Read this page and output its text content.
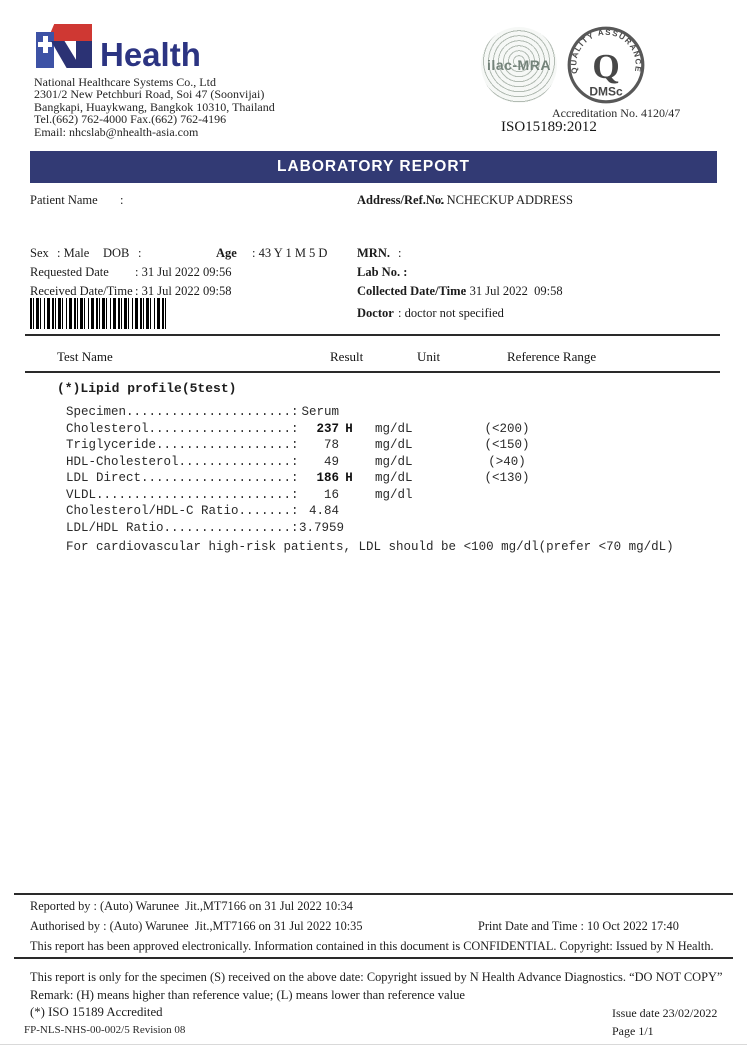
Health
National Healthcare Systems Co., Ltd
2301/2 New Petchburi Road, Soi 47 (Soonvijai)
Bangkapi, Huaykwang, Bangkok 10310, Thailand
Tel.(662) 762-4000 Fax.(662) 762-4196
Email: nhcslab@nhealth-asia.com
ilac-MRA QUALITY ASSURANCE
Q
DMSc
Accreditation No. 4120/47
ISO15189:2012
LABORATORY REPORT
Patient Name :	Address/Ref.No.
: NCHECKUP ADDRESS
Sex : Male DOB :	Age : 43 Y 1 M 5 D MRN. :
Requested Date : 31 Jul 2022 09:56	Lab No. :
Received Date/Time : 31 Jul 2022 09:58	Collected Date/Time
: 31 Jul 2022  09:58
Doctor : doctor not specified
Test Name	Result	Unit	Reference Range
(*)Lipid profile(5test)
Specimen......................: Serum
Cholesterol...................:	237 H	mg/dL	(<200)
Triglyceride..................:	78	mg/dL	(<150)
HDL-Cholesterol...............:	49	mg/dL	(>40)
LDL Direct....................:	186 H	mg/dL	(<130)
VLDL..........................:	16	mg/dl
Cholesterol/HDL-C Ratio.......: 4.84
LDL/HDL Ratio.................: 3.7959
For cardiovascular high-risk patients, LDL should be <100 mg/dl(prefer <70 mg/dL)
Reported by : (Auto) Warunee  Jit.,MT7166 on 31 Jul 2022 10:34
Authorised by : (Auto) Warunee  Jit.,MT7166 on 31 Jul 2022 10:35	Print Date and Time : 10 Oct 2022 17:40
This report has been approved electronically. Information contained in this document is CONFIDENTIAL. Copyright: Issued by N Health.
This report is only for the specimen (S) received on the above date: Copyright issued by N Health Advance Diagnostics. “DO NOT COPY”
Remark: (H) means higher than reference value; (L) means lower than reference value
(*) ISO 15189 Accredited
FP-NLS-NHS-00-002/5 Revision 08
Issue date 23/02/2022
Page 1/1
